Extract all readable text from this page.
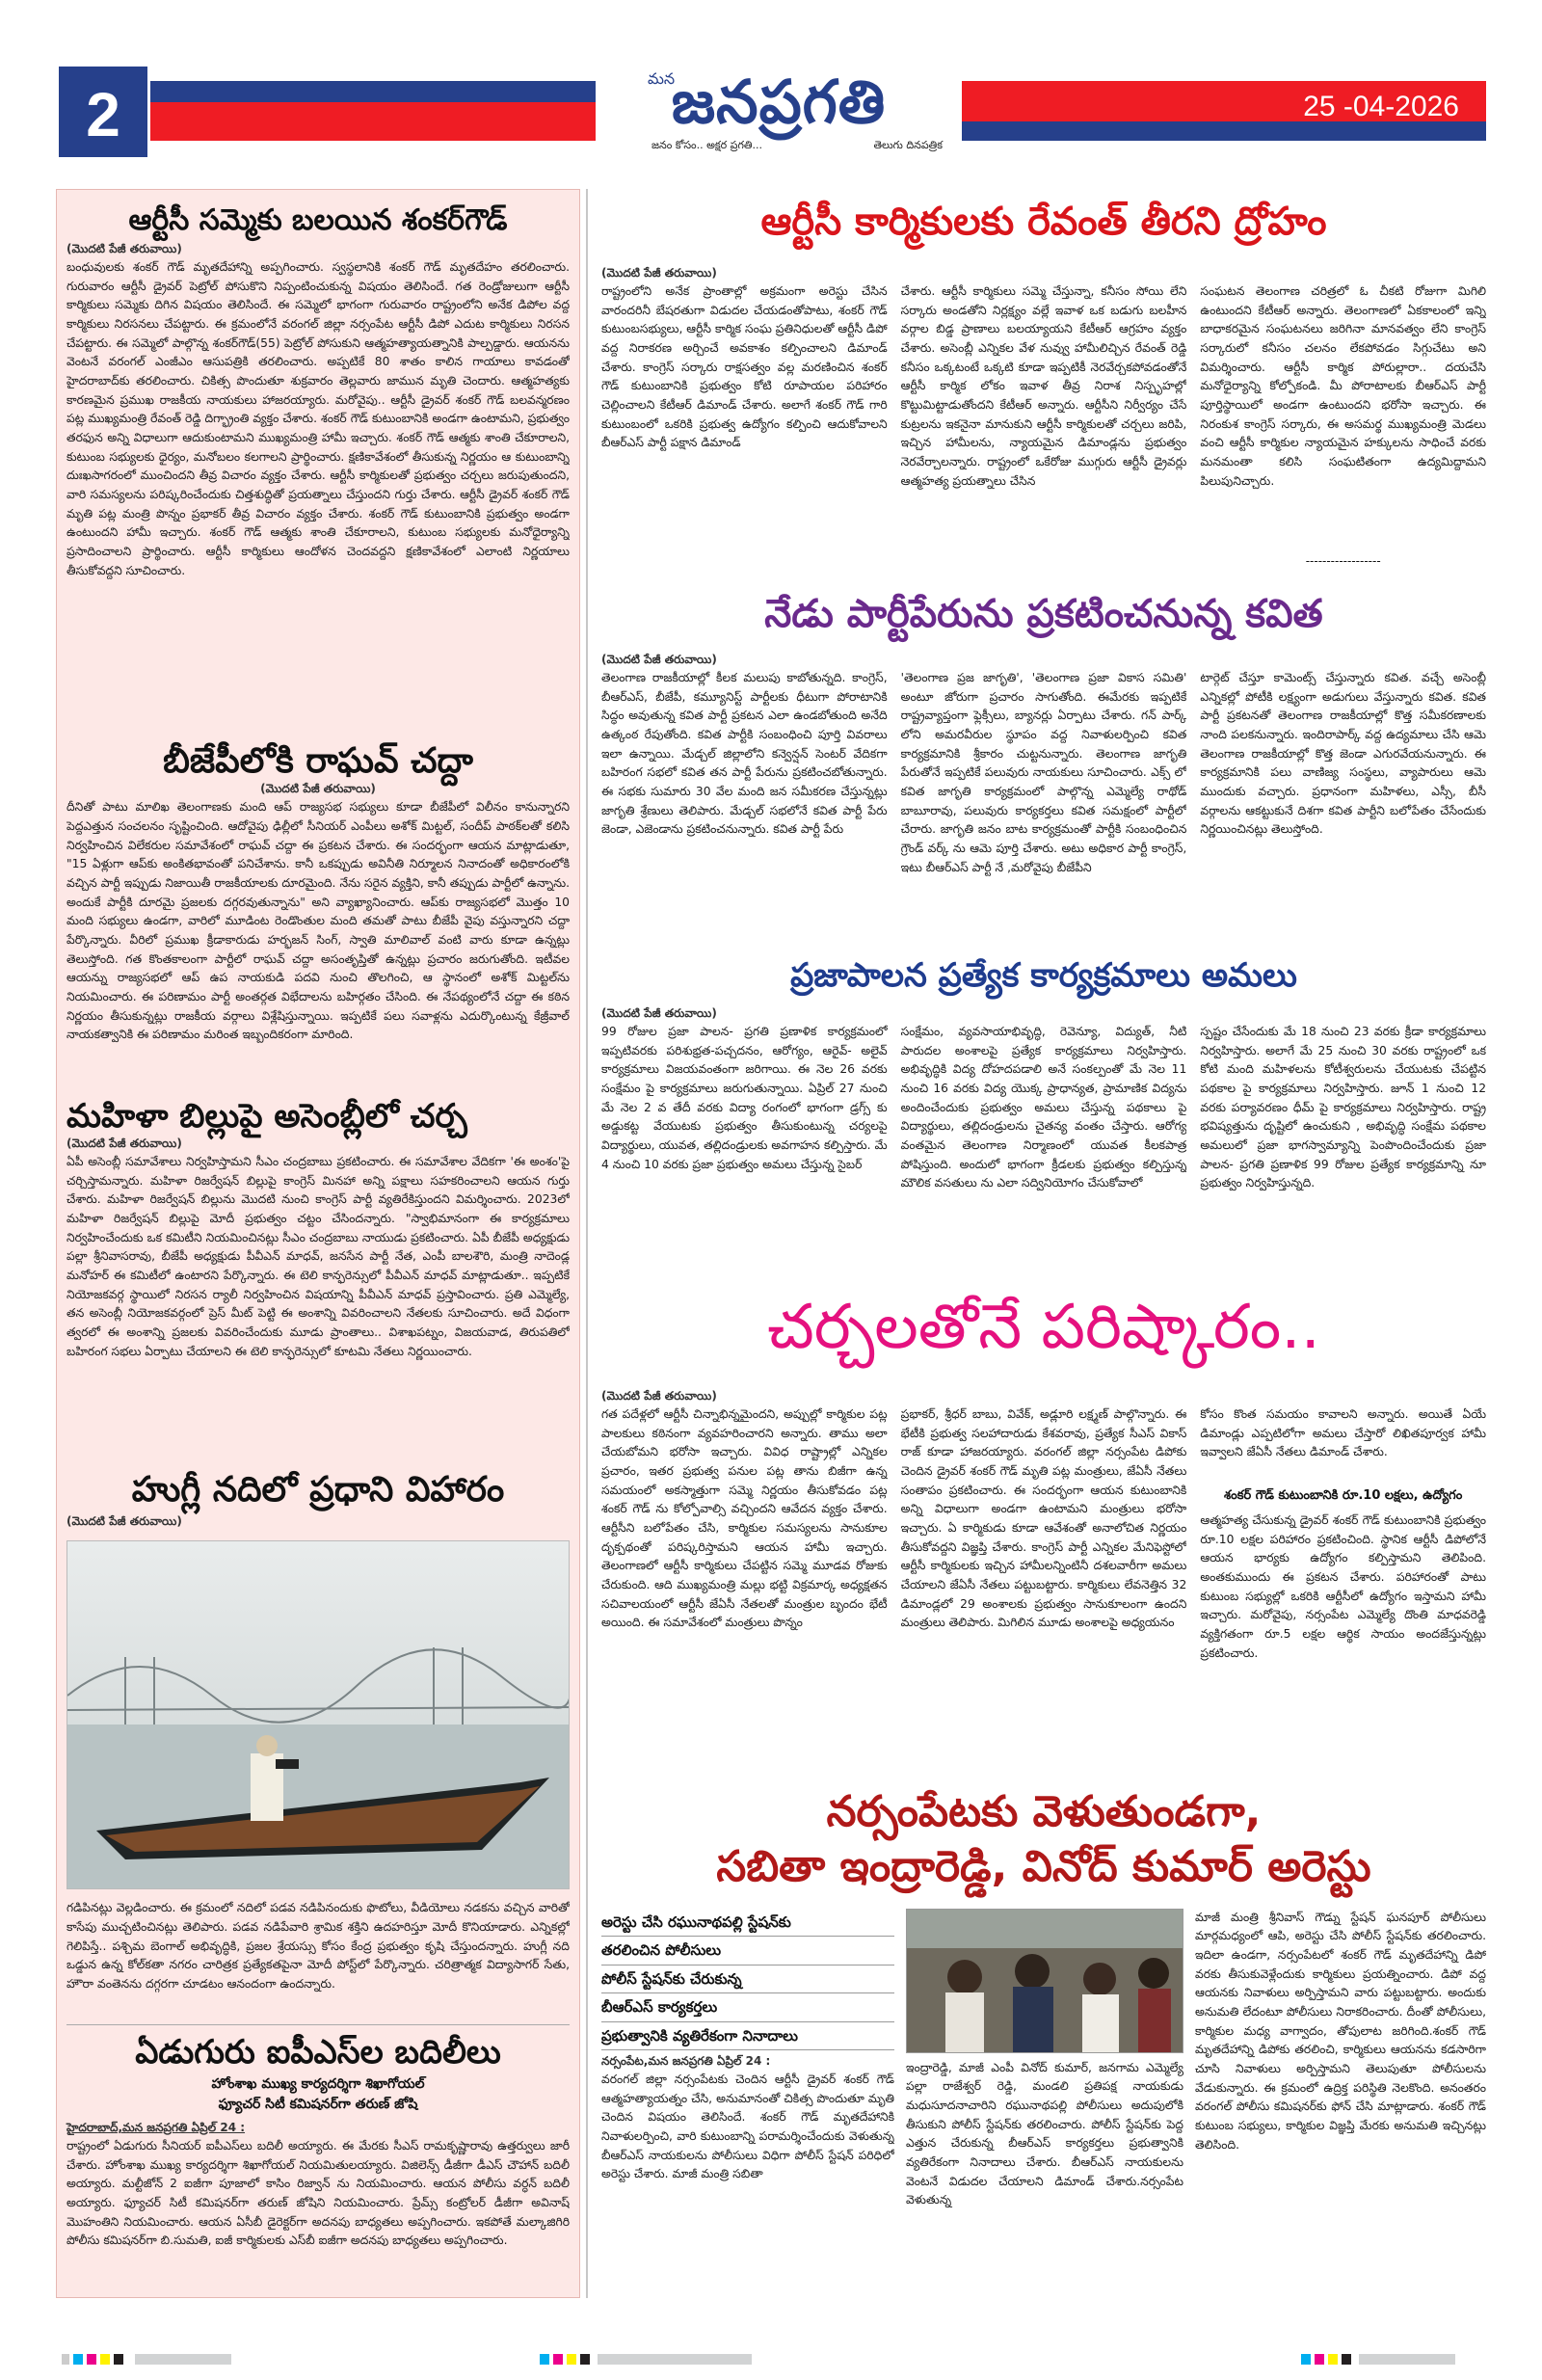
2
మన
జనప్రగతి
జనం కోసం.. అక్షర ప్రగతి...	తెలుగు దినపత్రిక
25 -04-2026
ఆర్టీసీ సమ్మెకు బలయిన శంకర్‌గౌడ్
(మొదటి పేజీ తరువాయి)
బంధువులకు శంకర్ గౌడ్ మృతదేహాన్ని అప్పగించారు. స్వస్థలానికి శంకర్ గౌడ్ మృతదేహం తరలించారు. గురువారం ఆర్టీసీ డ్రైవర్ పెట్రోల్ పోసుకొని నిప్పంటించుకున్న విషయం తెలిసిందే. గత రెండ్రోజులుగా ఆర్టీసీ కార్మికులు సమ్మెకు దిగిన విషయం తెలిసిందే. ఈ సమ్మెలో భాగంగా గురువారం రాష్ట్రంలోని అనేక డిపోల వద్ద కార్మికులు నిరసనలు చేపట్టారు. ఈ క్రమంలోనే వరంగల్ జిల్లా నర్సంపేట ఆర్టీసీ డిపో ఎదుట కార్మికులు నిరసన చేపట్టారు. ఈ సమ్మెలో పాల్గొన్న శంకర్‌గౌడ్(55) పెట్రోల్ పోసుకుని ఆత్మహత్యాయత్నానికి పాల్పడ్డారు. ఆయనను వెంటనే వరంగల్ ఎంజీఎం ఆసుపత్రికి తరలించారు. అప్పటికే 80 శాతం కాలిన గాయాలు కావడంతో హైదరాబాద్‌కు తరలించారు. చికిత్స పొందుతూ శుక్రవారం తెల్లవారు జామున మృతి చెందారు. ఆత్మహత్యకు కారణమైన ప్రముఖ రాజకీయ నాయకులు హాజరయ్యారు. మరోవైపు.. ఆర్టీసీ డ్రైవర్ శంకర్ గౌడ్ బలవన్మరణం పట్ల ముఖ్యమంత్రి రేవంత్ రెడ్డి దిగ్భ్రాంతి వ్యక్తం చేశారు. శంకర్ గౌడ్ కుటుంబానికి అండగా ఉంటామని, ప్రభుత్వం తరఫున అన్ని విధాలుగా ఆదుకుంటామని ముఖ్యమంత్రి హామీ ఇచ్చారు. శంకర్ గౌడ్ ఆత్మకు శాంతి చేకూరాలని, కుటుంబ సభ్యులకు ధైర్యం, మనోబలం కలగాలని ప్రార్థించారు. క్షణికావేశంలో తీసుకున్న నిర్ణయం ఆ కుటుంబాన్ని దుఃఖసాగరంలో ముంచిందని తీవ్ర విచారం వ్యక్తం చేశారు. ఆర్టీసీ కార్మికులతో ప్రభుత్వం చర్చలు జరుపుతుందని, వారి సమస్యలను పరిష్కరించేందుకు చిత్తశుద్ధితో ప్రయత్నాలు చేస్తుందని గుర్తు చేశారు. ఆర్టీసీ డ్రైవర్ శంకర్ గౌడ్ మృతి పట్ల మంత్రి పొన్నం ప్రభాకర్ తీవ్ర విచారం వ్యక్తం చేశారు. శంకర్ గౌడ్ కుటుంబానికి ప్రభుత్వం అండగా ఉంటుందని హామీ ఇచ్చారు. శంకర్ గౌడ్ ఆత్మకు శాంతి చేకూరాలని, కుటుంబ సభ్యులకు మనోధైర్యాన్ని ప్రసాదించాలని ప్రార్థించారు. ఆర్టీసీ కార్మికులు ఆందోళన చెందవద్దని క్షణికావేశంలో ఎలాంటి నిర్ణయాలు తీసుకోవద్దని సూచించారు.
బీజేపీలోకి రాఘవ్ చద్దా
(మొదటి పేజీ తరువాయి)
దీనితో పాటు మాలిఖ తెలంగాణకు మంది ఆప్ రాజ్యసభ సభ్యులు కూడా బీజేపీలో విలీనం కానున్నారని పెద్దఎత్తున సంచలనం సృష్టించింది. ఆదోవైపు ఢిల్లీలో సీనియర్ ఎంపీలు అశోక్ మిట్టల్, సందీప్ పాఠక్‌లతో కలిసి నిర్వహించిన విలేకరుల సమావేశంలో రాఘవ్ చద్దా ఈ ప్రకటన చేశారు. ఈ సందర్భంగా ఆయన మాట్లాడుతూ, "15 ఏళ్లుగా ఆప్‌కు అంకితభావంతో పనిచేశాను. కానీ ఒకప్పుడు అవినీతి నిర్మూలన నినాదంతో అధికారంలోకి వచ్చిన పార్టీ ఇప్పుడు నిజాయితీ రాజకీయాలకు దూరమైంది. నేను సరైన వ్యక్తిని, కానీ తప్పుడు పార్టీలో ఉన్నాను. అందుకే పార్టీకి దూరమై ప్రజలకు దగ్గరవుతున్నాను" అని వ్యాఖ్యానించారు. ఆప్‌కు రాజ్యసభలో మొత్తం 10 మంది సభ్యులు ఉండగా, వారిలో మూడింట రెండొంతుల మంది తమతో పాటు బీజేపీ వైపు వస్తున్నారని చద్దా పేర్కొన్నారు. వీరిలో ప్రముఖ క్రీడాకారుడు హర్భజన్ సింగ్, స్వాతి మాలివాల్ వంటి వారు కూడా ఉన్నట్లు తెలుస్తోంది. గత కొంతకాలంగా పార్టీలో రాఘవ్ చద్దా అసంతృప్తితో ఉన్నట్లు ప్రచారం జరుగుతోంది. ఇటీవల ఆయన్ను రాజ్యసభలో ఆప్ ఉప నాయకుడి పదవి నుంచి తొలగించి, ఆ స్థానంలో అశోక్ మిట్టల్‌ను నియమించారు. ఈ పరిణామం పార్టీ అంతర్గత విభేదాలను బహిర్గతం చేసింది. ఈ నేపథ్యంలోనే చద్దా ఈ కఠిన నిర్ణయం తీసుకున్నట్లు రాజకీయ వర్గాలు విశ్లేషిస్తున్నాయి. ఇప్పటికే పలు సవాళ్లను ఎదుర్కొంటున్న కేజ్రీవాల్ నాయకత్వానికి ఈ పరిణామం మరింత ఇబ్బందికరంగా మారింది.
మహిళా బిల్లుపై అసెంబ్లీలో చర్చ
(మొదటి పేజీ తరువాయి)
ఏపీ అసెంబ్లీ సమావేశాలు నిర్వహిస్తామని సీఎం చంద్రబాబు ప్రకటించారు. ఈ సమావేశాల వేదికగా 'ఈ అంశం'పై చర్చిస్తామన్నారు. మహిళా రిజర్వేషన్ బిల్లుపై కాంగ్రెస్ మినహా అన్ని పక్షాలు సహకరించాలని ఆయన గుర్తు చేశారు. మహిళా రిజర్వేషన్ బిల్లును మొదటి నుంచి కాంగ్రెస్ పార్టీ వ్యతిరేకిస్తుందని విమర్శించారు. 2023లో మహిళా రిజర్వేషన్ బిల్లుపై మోదీ ప్రభుత్వం చట్టం చేసిందన్నారు. "స్వాభిమానంగా ఈ కార్యక్రమాలు నిర్వహించేందుకు ఒక కమిటీని నియమించినట్లు సీఎం చంద్రబాబు నాయుడు ప్రకటించారు. ఏపీ బీజేపీ అధ్యక్షుడు పల్లా శ్రీనివాసరావు, బీజేపీ అధ్యక్షుడు పీవీఎన్ మాధవ్, జనసేన పార్టీ నేత, ఎంపీ బాలశౌరి, మంత్రి నాదెండ్ల మనోహర్ ఈ కమిటీలో ఉంటారని పేర్కొన్నారు. ఈ టెలి కాన్ఫరెన్సులో పీవీఎన్ మాధవ్ మాట్లాడుతూ.. ఇప్పటికే నియోజకవర్గ స్థాయిలో నిరసన ర్యాలీ నిర్వహించిన విషయాన్ని పీవీఎన్ మాధవ్ ప్రస్తావించారు. ప్రతి ఎమ్మెల్యే, తన అసెంబ్లీ నియోజకవర్గంలో ప్రెస్ మీట్ పెట్టి ఈ అంశాన్ని వివరించాలని నేతలకు సూచించారు. అదే విధంగా త్వరలో ఈ అంశాన్ని ప్రజలకు వివరించేందుకు మూడు ప్రాంతాలు.. విశాఖపట్నం, విజయవాడ, తిరుపతిలో బహిరంగ సభలు ఏర్పాటు చేయాలని ఈ టెలి కాన్ఫరెన్సులో కూటమి నేతలు నిర్ణయించారు.
హుగ్లీ నదిలో ప్రధాని విహారం
(మొదటి పేజీ తరువాయి)
గడిపినట్లు వెల్లడించారు. ఈ క్రమంలో నదిలో పడవ నడిపినందుకు ఫొటోలు, వీడియోలు నడకను వచ్చిన వారితో కాసేపు ముచ్చటించినట్లు తెలిపారు. పడవ నడిపేవారి శ్రామిక శక్తిని ఉదహరిస్తూ మోదీ కొనియాడారు. ఎన్నికల్లో గెలిపిస్తే.. పశ్చిమ బెంగాల్ అభివృద్ధికి, ప్రజల శ్రేయస్సు కోసం కేంద్ర ప్రభుత్వం కృషి చేస్తుందన్నారు. హుగ్లీ నది ఒడ్డున ఉన్న కోల్‌కతా నగరం చారిత్రక ప్రత్యేకతపైనా మోదీ పోస్ట్‌లో పేర్కొన్నారు. చరిత్రాత్మక విద్యాసాగర్ సేతు, హౌరా వంతెనను దగ్గరగా చూడటం ఆనందంగా ఉందన్నారు.
ఏడుగురు ఐపీఎస్‌ల బదిలీలు
హోంశాఖ ముఖ్య కార్యదర్శిగా శిఖాగోయల్
ఫ్యూచర్ సిటీ కమిషనర్‌గా తరుణ్ జోషి
హైదరాబాద్,మన జనప్రగతి ఏప్రిల్ 24 :
రాష్ట్రంలో ఏడుగురు సీనియర్ ఐపీఎస్‌లు బదిలీ అయ్యారు. ఈ మేరకు సీఎస్ రామకృష్ణారావు ఉత్తర్వులు జారీ చేశారు. హోంశాఖ ముఖ్య కార్యదర్శిగా శిఖాగోయల్ నియమితులయ్యారు. విజిలెన్స్ డీజీగా డీఎస్ చౌహాన్ బదిలీ అయ్యారు. మల్టీజోన్ 2 ఐజీగా పూజాలో కాసిం రిజ్వాన్ ను నియమించారు. ఆయన పోలీసు వర్ధన్ బదిలీ అయ్యారు. ఫ్యూచర్ సిటీ కమిషనర్‌గా తరుణ్ జోషిని నియమించారు. ప్రేమ్స్ కంట్రోలర్ డీజీగా అవినాష్ మొహంతిని నియమించారు. ఆయన ఏసీబీ డైరెక్టర్‌గా అదనపు బాధ్యతలు అప్పగించారు. ఇకపోతే మల్కాజిగిరి పోలీసు కమిషనర్‌గా బి.సుమతి, ఐజీ కార్మికులకు ఎస్‌బీ ఐజీగా అదనపు బాధ్యతలు అప్పగించారు.
ఆర్టీసీ కార్మికులకు రేవంత్ తీరని ద్రోహం
(మొదటి పేజీ తరువాయి)
రాష్ట్రంలోని అనేక ప్రాంతాల్లో అక్రమంగా అరెస్టు చేసిన వారందరినీ బేషరతుగా విడుదల చేయడంతోపాటు, శంకర్ గౌడ్ కుటుంబసభ్యులు, ఆర్టీసీ కార్మిక సంఘ ప్రతినిధులతో ఆర్టీసీ డిపో వద్ద నిరాకరణ అర్చించే అవకాశం కల్పించాలని డిమాండ్ చేశారు. కాంగ్రెస్ సర్కారు రాక్షసత్వం వల్ల మరణించిన శంకర్ గౌడ్ కుటుంబానికి ప్రభుత్వం కోటి రూపాయల పరిహారం చెల్లించాలని కేటీఆర్ డిమాండ్ చేశారు. అలాగే శంకర్ గౌడ్ గారి కుటుంబంలో ఒకరికి ప్రభుత్వ ఉద్యోగం కల్పించి ఆదుకోవాలని బీఆర్ఎస్ పార్టీ పక్షాన డిమాండ్
చేశారు. ఆర్టీసీ కార్మికులు సమ్మె చేస్తున్నా, కనీసం సోయి లేని సర్కారు అండతోని నిర్లక్ష్యం వల్లే ఇవాళ ఒక బడుగు బలహీన వర్గాల బిడ్డ ప్రాణాలు బలయ్యాయని కేటీఆర్ ఆగ్రహం వ్యక్తం చేశారు. అసెంబ్లీ ఎన్నికల వేళ నువ్వు హామీలిచ్చిన రేవంత్ రెడ్డి కనీసం ఒక్కటంటే ఒక్కటి కూడా ఇప్పటికీ నెరవేర్చకపోవడంతోనే ఆర్టీసీ కార్మిక లోకం ఇవాళ తీవ్ర నిరాశ నిస్పృహల్లో కొట్టుమిట్టాడుతోందని కేటీఆర్ అన్నారు. ఆర్టీసీని నిర్వీర్యం చేసే కుట్రలను ఇకనైనా మానుకుని ఆర్టీసీ కార్మికులతో చర్చలు జరిపి, ఇచ్చిన హామీలను, న్యాయమైన డిమాండ్లను ప్రభుత్వం నెరవేర్చాలన్నారు. రాష్ట్రంలో ఒకేరోజు ముగ్గురు ఆర్టీసీ డ్రైవర్లు ఆత్మహత్య ప్రయత్నాలు చేసిన
సంఘటన తెలంగాణ చరిత్రలో ఓ చీకటి రోజుగా మిగిలి ఉంటుందని కేటీఆర్ అన్నారు. తెలంగాణలో ఏకకాలంలో ఇన్ని బాధాకరమైన సంఘటనలు జరిగినా మానవత్వం లేని కాంగ్రెస్ సర్కారులో కనీసం చలనం లేకపోవడం సిగ్గుచేటు అని విమర్శించారు. ఆర్టీసీ కార్మిక పోరుల్లారా.. దయచేసి మనోధైర్యాన్ని కోల్పోకండి. మీ పోరాటాలకు బీఆర్ఎస్ పార్టీ పూర్తిస్థాయిలో అండగా ఉంటుందని భరోసా ఇచ్చారు. ఈ నిరంకుశ కాంగ్రెస్ సర్కారు, ఈ అసమర్థ ముఖ్యమంత్రి మెడలు వంచి ఆర్టీసీ కార్మికుల న్యాయమైన హక్కులను సాధించే వరకు మనమంతా కలిసి సంఘటితంగా ఉద్యమిద్దామని పిలుపునిచ్చారు.
------------------
నేడు పార్టీపేరును ప్రకటించనున్న కవిత
(మొదటి పేజీ తరువాయి)
తెలంగాణ రాజకీయాల్లో కీలక మలుపు కాబోతున్నది. కాంగ్రెస్, బీఆర్ఎస్, బీజేపీ, కమ్యూనిస్ట్ పార్టీలకు ధీటుగా పోరాటానికి సిద్ధం అవుతున్న కవిత పార్టీ ప్రకటన ఎలా ఉండబోతుంది అనేది ఉత్కంఠ రేపుతోంది. కవిత పార్టీకి సంబంధించి పూర్తి వివరాలు ఇలా ఉన్నాయి. మేడ్చల్ జిల్లాలోని కన్వెన్షన్ సెంటర్ వేదికగా బహిరంగ సభలో కవిత తన పార్టీ పేరును ప్రకటించబోతున్నారు. ఈ సభకు సుమారు 30 వేల మంది జన సమీకరణ చేస్తున్నట్లు జాగృతి శ్రేణులు తెలిపారు. మేడ్చల్ సభలోనే కవిత పార్టీ పేరు జెండా, ఎజెండాను ప్రకటించనున్నారు. కవిత పార్టీ పేరు
'తెలంగాణ ప్రజ జాగృతి', 'తెలంగాణ ప్రజా వికాస సమితి' అంటూ జోరుగా ప్రచారం సాగుతోంది. ఈమేరకు ఇప్పటికే రాష్ట్రవ్యాప్తంగా ఫ్లెక్సీలు, బ్యానర్లు ఏర్పాటు చేశారు. గన్ పార్క్ లోని అమరవీరుల స్థూపం వద్ద నివాళులర్పించి కవిత కార్యక్రమానికి శ్రీకారం చుట్టనున్నారు. తెలంగాణ జాగృతి పేరుతోనే ఇప్పటికే పలువురు నాయకులు సూచించారు. ఎక్స్ లో కవిత జాగృతి కార్యక్రమంలో పాల్గొన్న ఎమ్మెల్యే రాథోడ్ బాబూరావు, పలువురు కార్యకర్తలు కవిత సమక్షంలో పార్టీలో చేరారు. జాగృతి జనం బాట కార్యక్రమంతో పార్టీకి సంబంధించిన గ్రౌండ్ వర్క్ ను ఆమె పూర్తి చేశారు. అటు అధికార పార్టీ కాంగ్రెస్, ఇటు బీఆర్ఎస్ పార్టీ నే ,మరోవైపు బీజేపీని
టార్గెట్ చేస్తూ కామెంట్స్ చేస్తున్నారు కవిత. వచ్చే అసెంబ్లీ ఎన్నికల్లో పోటీకి లక్ష్యంగా అడుగులు వేస్తున్నారు కవిత. కవిత పార్టీ ప్రకటనతో తెలంగాణ రాజకీయాల్లో కొత్త సమీకరణాలకు నాంది పలకనున్నారు. ఇందిరాపార్క్ వద్ద ఉద్యమాలు చేసి ఆమె తెలంగాణ రాజకీయాల్లో కొత్త జెండా ఎగురవేయనున్నారు. ఈ కార్యక్రమానికి పలు వాణిజ్య సంస్థలు, వ్యాపారులు ఆమె ముందుకు వచ్చారు. ప్రధానంగా మహిళలు, ఎస్సీ, బీసీ వర్గాలను ఆకట్టుకునే దిశగా కవిత పార్టీని బలోపేతం చేసేందుకు నిర్ణయించినట్లు తెలుస్తోంది.
ప్రజాపాలన ప్రత్యేక కార్యక్రమాలు అమలు
(మొదటి పేజీ తరువాయి)
99 రోజుల ప్రజా పాలన- ప్రగతి ప్రణాళిక కార్యక్రమంలో ఇప్పటివరకు పరిశుభ్రత-పచ్చదనం, ఆరోగ్యం, ఆరైవ్- అలైవ్ కార్యక్రమాలు విజయవంతంగా జరిగాయి. ఈ నెల 26 వరకు సంక్షేమం పై కార్యక్రమాలు జరుగుతున్నాయి. ఏప్రిల్ 27 నుంచి మే నెల 2 వ తేదీ వరకు విద్యా రంగంలో భాగంగా డ్రగ్స్ కు అడ్డుకట్ట వేయుటకు ప్రభుత్వం తీసుకుంటున్న చర్యలపై విద్యార్థులు, యువత, తల్లిదండ్రులకు అవగాహన కల్పిస్తారు. మే 4 నుంచి 10 వరకు ప్రజా ప్రభుత్వం అమలు చేస్తున్న సైబర్
సంక్షేమం, వ్యవసాయాభివృద్ధి, రెవెన్యూ, విద్యుత్, నీటి పారుదల అంశాలపై ప్రత్యేక కార్యక్రమాలు నిర్వహిస్తారు. అభివృద్ధికి విద్య దోహదపడాలి అనే సంకల్పంతో మే నెల 11 నుంచి 16 వరకు విద్య యొక్క ప్రాధాన్యత, ప్రామాణిక విద్యను అందించేందుకు ప్రభుత్వం అమలు చేస్తున్న పథకాలు పై విద్యార్థులు, తల్లిదండ్రులను చైతన్య వంతం చేస్తారు. ఆరోగ్య వంతమైన తెలంగాణ నిర్మాణంలో యువత కీలకపాత్ర పోషిస్తుంది. అందులో భాగంగా క్రీడలకు ప్రభుత్వం కల్పిస్తున్న మౌలిక వసతులు ను ఎలా సద్వినియోగం చేసుకోవాలో
స్పష్టం చేసేందుకు మే 18 నుంచి 23 వరకు క్రీడా కార్యక్రమాలు నిర్వహిస్తారు. అలాగే మే 25 నుంచి 30 వరకు రాష్ట్రంలో ఒక కోటి మంది మహిళలను కోటీశ్వరులను చేయుటకు చేపట్టిన పథకాల పై కార్యక్రమాలు నిర్వహిస్తారు. జూన్ 1 నుంచి 12 వరకు పర్యావరణం ధీమ్ పై కార్యక్రమాలు నిర్వహిస్తారు. రాష్ట్ర భవిష్యత్తును దృష్టిలో ఉంచుకుని , అభివృద్ధి సంక్షేమ పథకాల అమలులో ప్రజా భాగస్వామ్యాన్ని పెంపొందించేందుకు ప్రజా పాలన- ప్రగతి ప్రణాళిక 99 రోజుల ప్రత్యేక కార్యక్రమాన్ని నూ ప్రభుత్వం నిర్వహిస్తున్నది.
చర్చలతోనే పరిష్కారం..
(మొదటి పేజీ తరువాయి)
గత పదేళ్లలో ఆర్టీసీ చిన్నాభిన్నమైందని, అప్పుల్లో కార్మికుల పట్ల పాలకులు కఠినంగా వ్యవహరించారని అన్నారు. తాము అలా చేయబోమని భరోసా ఇచ్చారు. వివిధ రాష్ట్రాల్లో ఎన్నికల ప్రచారం, ఇతర ప్రభుత్వ పనుల పట్ల తాను బిజీగా ఉన్న సమయంలో అకస్మాత్తుగా సమ్మె నిర్ణయం తీసుకోవడం పట్ల శంకర్ గౌడ్ ను కోల్పోవాల్సి వచ్చిందని ఆవేదన వ్యక్తం చేశారు. ఆర్టీసీని బలోపేతం చేసి, కార్మికుల సమస్యలను సానుకూల దృక్పథంతో పరిష్కరిస్తామని ఆయన హామీ ఇచ్చారు. తెలంగాణలో ఆర్టీసీ కార్మికులు చేపట్టిన సమ్మె మూడవ రోజుకు చేరుకుంది. ఆది ముఖ్యమంత్రి మల్లు భట్టి విక్రమార్క అధ్యక్షతన సచివాలయంలో ఆర్టీసీ జేఏసీ నేతలతో మంత్రుల బృందం భేటీ అయింది. ఈ సమావేశంలో మంత్రులు పొన్నం
ప్రభాకర్, శ్రీధర్ బాబు, వివేక్, అడ్లూరి లక్ష్మణ్ పాల్గొన్నారు. ఈ భేటీకి ప్రభుత్వ సలహాదారుడు కేశవరావు, ప్రత్యేక సీఎస్ వికాస్ రాజ్ కూడా హాజరయ్యారు. వరంగల్ జిల్లా నర్సంపేట డిపోకు చెందిన డ్రైవర్ శంకర్ గౌడ్ మృతి పట్ల మంత్రులు, జేఏసీ నేతలు సంతాపం ప్రకటించారు. ఈ సందర్భంగా ఆయన కుటుంబానికి అన్ని విధాలుగా అండగా ఉంటామని మంత్రులు భరోసా ఇచ్చారు. ఏ కార్మికుడు కూడా ఆవేశంతో అనాలోచిత నిర్ణయం తీసుకోవద్దని విజ్ఞప్తి చేశారు. కాంగ్రెస్ పార్టీ ఎన్నికల మేనిఫెస్టోలో ఆర్టీసీ కార్మికులకు ఇచ్చిన హామీలన్నింటినీ దశలవారీగా అమలు చేయాలని జేఏసీ నేతలు పట్టుబట్టారు. కార్మికులు లేవనెత్తిన 32 డిమాండ్లలో 29 అంశాలకు ప్రభుత్వం సానుకూలంగా ఉందని మంత్రులు తెలిపారు. మిగిలిన మూడు అంశాలపై అధ్యయనం
కోసం కొంత సమయం కావాలని అన్నారు. అయితే ఏయే డిమాండ్లు ఎప్పటిలోగా అమలు చేస్తారో లిఖితపూర్వక హామీ ఇవ్వాలని జేఏసీ నేతలు డిమాండ్ చేశారు.
శంకర్ గౌడ్ కుటుంబానికి రూ.10 లక్షలు, ఉద్యోగం
ఆత్మహత్య చేసుకున్న డ్రైవర్ శంకర్ గౌడ్ కుటుంబానికి ప్రభుత్వం రూ.10 లక్షల పరిహారం ప్రకటించింది. స్థానిక ఆర్టీసీ డిపోలోనే ఆయన భార్యకు ఉద్యోగం కల్పిస్తామని తెలిపింది. అంతకుముందు ఈ ప్రకటన చేశారు. పరిహారంతో పాటు కుటుంబ సభ్యుల్లో ఒకరికి ఆర్టీసీలో ఉద్యోగం ఇస్తామని హామీ ఇచ్చారు. మరోవైపు, నర్సంపేట ఎమ్మెల్యే దొంతి మాధవరెడ్డి వ్యక్తిగతంగా రూ.5 లక్షల ఆర్థిక సాయం అందజేస్తున్నట్లు ప్రకటించారు.
నర్సంపేటకు వెళుతుండగా,
సబితా ఇంద్రారెడ్డి, వినోద్ కుమార్ అరెస్టు
అరెస్టు చేసి రఘునాథపల్లి స్టేషన్‌కు
తరలించిన పోలీసులు
పోలీస్ స్టేషన్‌కు చేరుకున్న
బీఆర్ఎస్ కార్యకర్తలు
ప్రభుత్వానికి వ్యతిరేకంగా నినాదాలు
నర్సంపేట,మన జనప్రగతి ఏప్రిల్ 24 :
వరంగల్ జిల్లా నర్సంపేటకు చెందిన ఆర్టీసీ డ్రైవర్ శంకర్ గౌడ్ ఆత్మహత్యాయత్నం చేసి, అనుమానంతో చికిత్స పొందుతూ మృతి చెందిన విషయం తెలిసిందే. శంకర్ గౌడ్ మృతదేహానికి నివాళులర్పించి, వారి కుటుంబాన్ని పరామర్శించేందుకు వెళుతున్న బీఆర్ఎస్ నాయకులను పోలీసులు విధిగా పోలీస్ స్టేషన్ పరిధిలో అరెస్టు చేశారు. మాజీ మంత్రి సబితా
ఇంద్రారెడ్డి, మాజీ ఎంపీ వినోద్ కుమార్, జనగామ ఎమ్మెల్యే పల్లా రాజేశ్వర్ రెడ్డి, మండలి ప్రతిపక్ష నాయకుడు మధుసూదనాచారిని రఘునాథపల్లి పోలీసులు అదుపులోకి తీసుకుని పోలీస్ స్టేషన్‌కు తరలించారు. పోలీస్ స్టేషన్‌కు పెద్ద ఎత్తున చేరుకున్న బీఆర్ఎస్ కార్యకర్తలు ప్రభుత్వానికి వ్యతిరేకంగా నినాదాలు చేశారు. బీఆర్ఎస్ నాయకులను వెంటనే విడుదల చేయాలని డిమాండ్ చేశారు.నర్సంపేట వెళుతున్న
మాజీ మంత్రి శ్రీనివాస్ గౌడ్ను స్టేషన్ ఘనపూర్ పోలీసులు మార్గమధ్యంలో ఆపి, అరెస్టు చేసి పోలీస్ స్టేషన్‌కు తరలించారు. ఇదిలా ఉండగా, నర్సంపేటలో శంకర్ గౌడ్ మృతదేహాన్ని డిపో వరకు తీసుకువెళ్లేందుకు కార్మికులు ప్రయత్నించారు. డిపో వద్ద ఆయనకు నివాళులు అర్పిస్తామని వారు పట్టుబట్టారు. అందుకు అనుమతి లేదంటూ పోలీసులు నిరాకరించారు. దీంతో పోలీసులు, కార్మికుల మధ్య వాగ్వాదం, తోపులాట జరిగింది.శంకర్ గౌడ్ మృతదేహాన్ని డిపోకు తరలించి, కార్మికులు ఆయనను కడసారిగా చూసి నివాళులు అర్పిస్తామని తెలుపుతూ పోలీసులను వేడుకున్నారు. ఈ క్రమంలో ఉద్రిక్త పరిస్థితి నెలకొంది. అనంతరం వరంగల్ పోలీసు కమిషనర్‌కు ఫోన్ చేసి మాట్లాడారు. శంకర్ గౌడ్ కుటుంబ సభ్యులు, కార్మికుల విజ్ఞప్తి మేరకు అనుమతి ఇచ్చినట్లు తెలిసింది.
